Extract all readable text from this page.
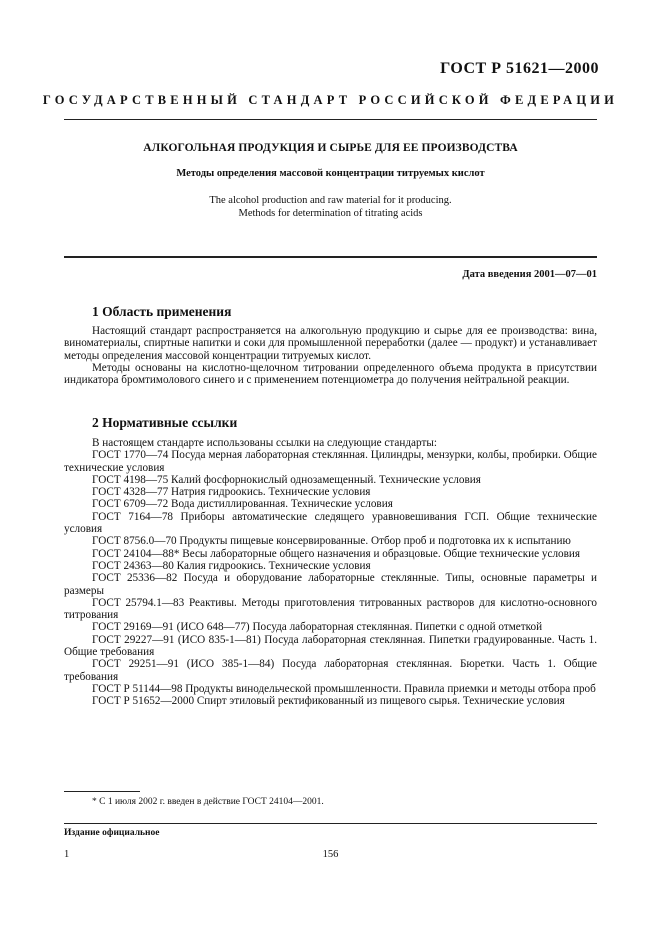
ГОСТ Р 51621—2000
ГОСУДАРСТВЕННЫЙ СТАНДАРТ РОССИЙСКОЙ ФЕДЕРАЦИИ
АЛКОГОЛЬНАЯ ПРОДУКЦИЯ И СЫРЬЕ ДЛЯ ЕЕ ПРОИЗВОДСТВА
Методы определения массовой концентрации титруемых кислот
The alcohol production and raw material for it producing.
Methods for determination of titrating acids
Дата введения 2001—07—01
1 Область применения

Настоящий стандарт распространяется на алкогольную продукцию и сырье для ее производства: вина, виноматериалы, спиртные напитки и соки для промышленной переработки (далее — продукт) и устанавливает методы определения массовой концентрации титруемых кислот.

Методы основаны на кислотно-щелочном титровании определенного объема продукта в присутствии индикатора бромтимолового синего и с применением потенциометра до получения нейтральной реакции.

2 Нормативные ссылки

В настоящем стандарте использованы ссылки на следующие стандарты:

ГОСТ 1770—74 Посуда мерная лабораторная стеклянная. Цилиндры, мензурки, колбы, пробирки. Общие технические условия

ГОСТ 4198—75 Калий фосфорнокислый однозамещенный. Технические условия

ГОСТ 4328—77 Натрия гидроокись. Технические условия

ГОСТ 6709—72 Вода дистиллированная. Технические условия

ГОСТ 7164—78 Приборы автоматические следящего уравновешивания ГСП. Общие технические условия

ГОСТ 8756.0—70 Продукты пищевые консервированные. Отбор проб и подготовка их к испытанию

ГОСТ 24104—88* Весы лабораторные общего назначения и образцовые. Общие технические условия

ГОСТ 24363—80 Калия гидроокись. Технические условия

ГОСТ 25336—82 Посуда и оборудование лабораторные стеклянные. Типы, основные параметры и размеры

ГОСТ 25794.1—83 Реактивы. Методы приготовления титрованных растворов для кислотно-основного титрования

ГОСТ 29169—91 (ИСО 648—77) Посуда лабораторная стеклянная. Пипетки с одной отметкой

ГОСТ 29227—91 (ИСО 835-1—81) Посуда лабораторная стеклянная. Пипетки градуированные. Часть 1. Общие требования

ГОСТ 29251—91 (ИСО 385-1—84) Посуда лабораторная стеклянная. Бюретки. Часть 1. Общие требования

ГОСТ Р 51144—98 Продукты винодельческой промышленности. Правила приемки и методы отбора проб

ГОСТ Р 51652—2000 Спирт этиловый ректификованный из пищевого сырья. Технические условия

* С 1 июля 2002 г. введен в действие ГОСТ 24104—2001.
Издание официальное
1	156
